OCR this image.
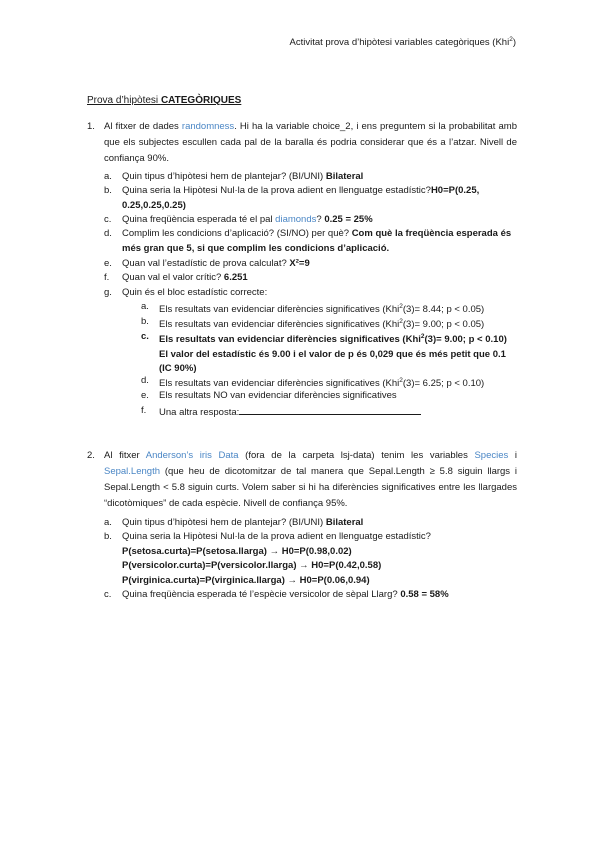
Activitat prova d’hipòtesi variables categòriques (Khi$^2$)
Prova d’hipòtesi CATEGÒRIQUES
1. Al fitxer de dades randomness. Hi ha la variable choice_2, i ens preguntem si la probabilitat amb que els subjectes escullen cada pal de la baralla és podria considerar que és a l’atzar. Nivell de confiança 90%.
a. Quin tipus d’hipòtesi hem de plantejar? (BI/UNI) Bilateral
b. Quina seria la Hipòtesi Nul·la de la prova adient en llenguatge estadístic?H0=P(0.25, 0.25,0.25,0.25)
c. Quina freqüència esperada té el pal diamonds? 0.25 = 25%
d. Complim les condicions d’aplicació? (SI/NO) per què? Com què la freqüència esperada és més gran que 5, si que complim les condicions d’aplicació.
e. Quan val l’estadístic de prova calculat? X²=9
f. Quan val el valor crític? 6.251
g. Quin és el bloc estadístic correcte:
a. Els resultats van evidenciar diferències significatives (Khi$^2$(3)= 8.44; p < 0.05)
b. Els resultats van evidenciar diferències significatives (Khi$^2$(3)= 9.00; p < 0.05)
c. Els resultats van evidenciar diferències significatives (Khi$^2$(3)= 9.00; p < 0.10)
El valor del estadístic és 9.00 i el valor de p és 0,029 que és més petit que 0.1 (IC 90%)
d. Els resultats van evidenciar diferències significatives (Khi$^2$(3)= 6.25; p < 0.10)
e. Els resultats NO van evidenciar diferències significatives
f. Una altra resposta:
2. Al fitxer Anderson’s iris Data (fora de la carpeta lsj-data) tenim les variables Species i Sepal.Length (que heu de dicotomitzar de tal manera que Sepal.Length ≥ 5.8 siguin llargs i Sepal.Length < 5.8 siguin curts. Volem saber si hi ha diferències significatives entre les llargades “dicotòmiques” de cada espècie. Nivell de confiança 95%.
a. Quin tipus d’hipòtesi hem de plantejar? (BI/UNI) Bilateral
b. Quina seria la Hipòtesi Nul·la de la prova adient en llenguatge estadístic?
P(setosa.curta)=P(setosa.llarga) → H0=P(0.98,0.02)
P(versicolor.curta)=P(versicolor.llarga) → H0=P(0.42,0.58)
P(virginica.curta)=P(virginica.llarga) → H0=P(0.06,0.94)
c. Quina freqüència esperada té l’espècie versicolor de sèpal Llarg? 0.58 = 58%
